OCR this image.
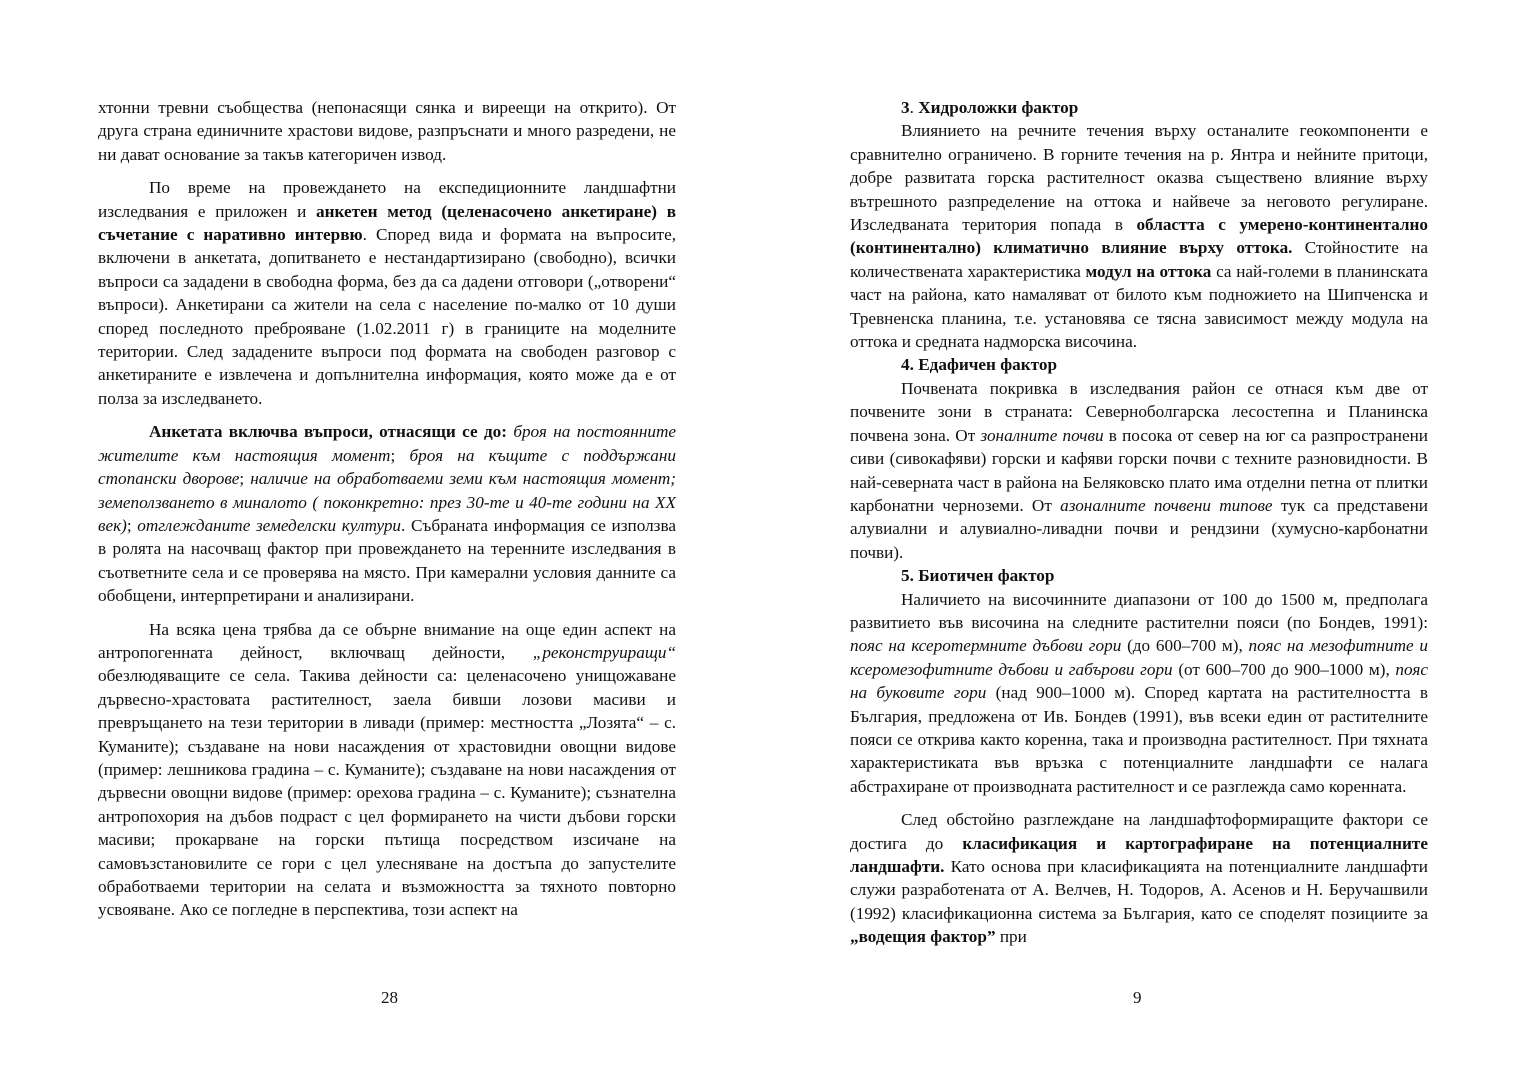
хтонни тревни съобщества (непонасящи сянка и виреещи на открито). От друга страна единичните храстови видове, разпръснати и много разредени, не ни дават основание за такъв категоричен извод.

По време на провеждането на експедиционните ландшафтни изследвания е приложен и анкетен метод (целенасочено анкетиране) в съчетание с наративно интервю. Според вида и формата на въпросите, включени в анкетата, допитването е нестандартизирано (свободно), всички въпроси са зададени в свободна форма, без да са дадени отговори („отворени“ въпроси). Анкетирани са жители на села с население по-малко от 10 души според последното преброяване (1.02.2011 г) в границите на моделните територии. След зададените въпроси под формата на свободен разговор с анкетираните е извлечена и допълнителна информация, която може да е от полза за изследването.

Анкетата включва въпроси, отнасящи се до: броя на постоянните жителите към настоящия момент; броя на къщите с поддържани стопански дворове; наличие на обработваеми земи към настоящия момент; земеползването в миналото ( поконкретно: през 30-те и 40-те години на XX век); отглежданите земеделски култури. Събраната информация се използва в ролята на насочващ фактор при провеждането на теренните изследвания в съответните села и се проверява на място. При камерални условия данните са обобщени, интерпретирани и анализирани.

На всяка цена трябва да се обърне внимание на още един аспект на антропогенната дейност, включващ дейности, „реконструиращи“ обезлюдяващите се села. Такива дейности са: целенасочено унищожаване дървесно-храстовата растителност, заела бивши лозови масиви и превръщането на тези територии в ливади (пример: местността „Лозята“ – с. Куманите); създаване на нови насаждения от храстовидни овощни видове (пример: лешникова градина – с. Куманите); създаване на нови насаждения от дървесни овощни видове (пример: орехова градина – с. Куманите); съзнателна антропохория на дъбов подраст с цел формирането на чисти дъбови горски масиви; прокарване на горски пътища посредством изсичане на самовъзстановилите се гори с цел улесняване на достъпа до запустелите обработваеми територии на селата и възможността за тяхното повторно усвояване. Ако се погледне в перспектива, този аспект на

28

3. Хидроложки фактор

Влиянието на речните течения върху останалите геокомпоненти е сравнително ограничено. В горните течения на р. Янтра и нейните притоци, добре развитата горска растителност оказва съществено влияние върху вътрешното разпределение на оттока и найвече за неговото регулиране. Изследваната територия попада в областта с умерено-континентално (континентално) климатично влияние върху оттока. Стойностите на количествената характеристика модул на оттока са най-големи в планинската част на района, като намаляват от билото към подножието на Шипченска и Тревненска планина, т.е. установява се тясна зависимост между модула на оттока и средната надморска височина.

4. Едафичен фактор

Почвената покривка в изследвания район се отнася към две от почвените зони в страната: Северноболгарска лесостепна и Планинска почвена зона. От зоналните почви в посока от север на юг са разпространени сиви (сивокафяви) горски и кафяви горски почви с техните разновидности. В най-северната част в района на Беляковско плато има отделни петна от плитки карбонатни черноземи. От азоналните почвени типове тук са представени алувиални и алувиално-ливадни почви и рендзини (хумусно-карбонатни почви).

5. Биотичен фактор

Наличието на височинните диапазони от 100 до 1500 м, предполага развитието във височина на следните растителни пояси (по Бондев, 1991): пояс на ксеротермните дъбови гори (до 600–700 м), пояс на мезофитните и ксеромезофитните дъбови и габърови гори (от 600–700 до 900–1000 м), пояс на буковите гори (над 900–1000 м). Според картата на растителността в България, предложена от Ив. Бондев (1991), във всеки един от растителните пояси се открива както коренна, така и производна растителност. При тяхната характеристиката във връзка с потенциалните ландшафти се налага абстрахиране от производната растителност и се разглежда само коренната.

След обстойно разглеждане на ландшафтоформиращите фактори се достига до класификация и картографиране на потенциалните ландшафти. Като основа при класификацията на потенциалните ландшафти служи разработената от А. Велчев, Н. Тодоров, А. Асенов и Н. Беручашвили (1992) класификационна система за България, като се споделят позициите за „водещия фактор” при

9
